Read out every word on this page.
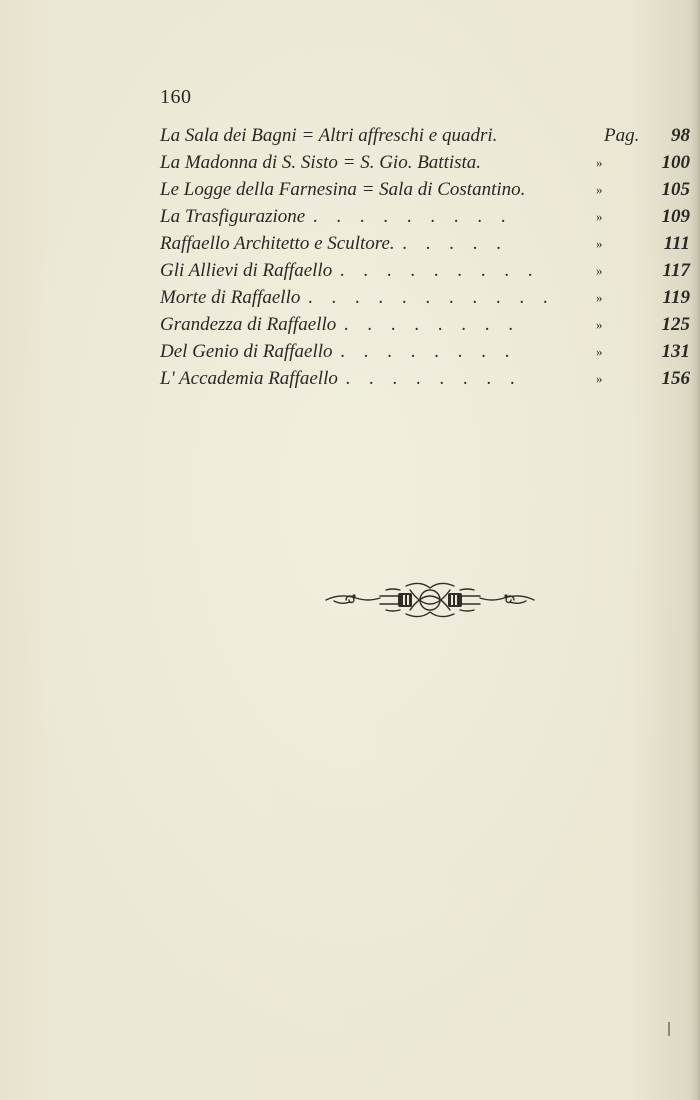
160
La Sala dei Bagni = Altri affreschi e quadri.	Pag. 98
La Madonna di S. Sisto = S. Gio. Battista.	»	100
Le Logge della Farnesina = Sala di Costantino.	»	105
La Trasfigurazione . . . . . . . . .	»	109
Raffaello Architetto e Scultore. . . . . .	»	111
Gli Allievi di Raffaello . . . . . . . . .	»	117
Morte di Raffaello . . . . . . . . . . .	»	119
Grandezza di Raffaello . . . . . . . .	»	125
Del Genio di Raffaello . . . . . . . .	»	131
L' Accademia Raffaello . . . . . . . .	»	156
